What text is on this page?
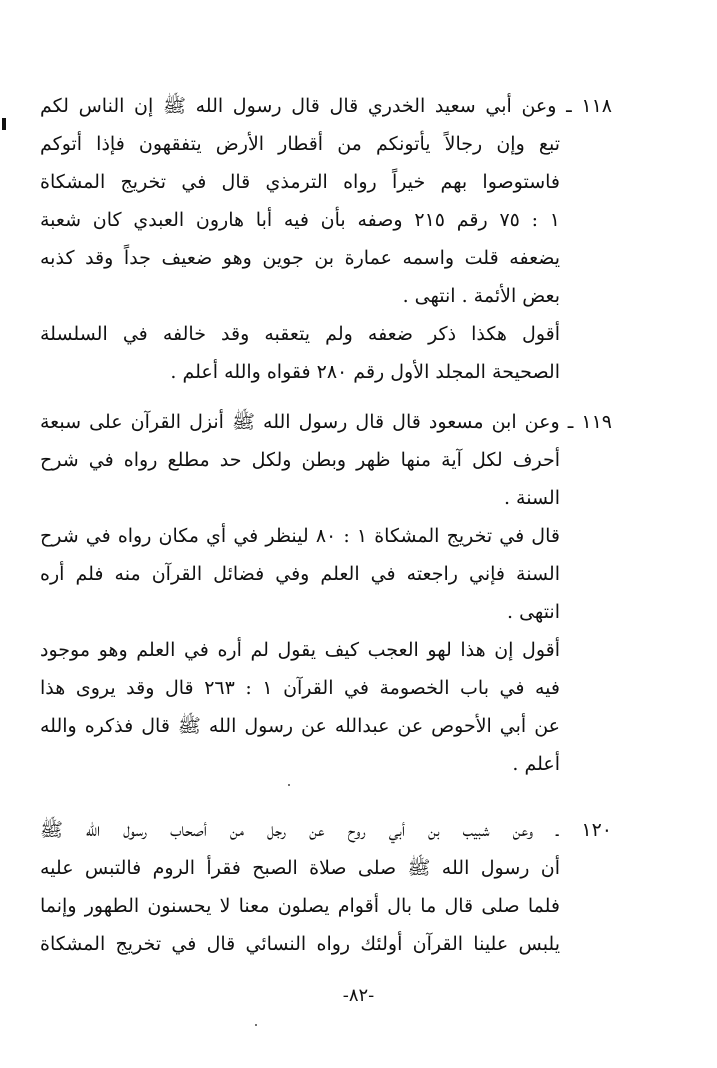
١١٨ ـ وعن أبي سعيد الخدري قال قال رسول الله ﷺ إن الناس لكم
تبع وإن رجالاً يأتونكم من أقطار الأرض يتفقهون فإذا أتوكم
فاستوصوا بهم خيراً رواه الترمذي قال في تخريج المشكاة
١ : ٧٥ رقم ٢١٥ وصفه بأن فيه أبا هارون العبدي كان شعبة
يضعفه قلت واسمه عمارة بن جوين وهو ضعيف جداً وقد كذبه
بعض الأئمة . انتهى .
أقول هكذا ذكر ضعفه ولم يتعقبه وقد خالفه في السلسلة
الصحيحة المجلد الأول رقم ٢٨٠ فقواه والله أعلم .
١١٩ ـ وعن ابن مسعود قال قال رسول الله ﷺ أنزل القرآن على سبعة
أحرف لكل آية منها ظهر وبطن ولكل حد مطلع رواه في شرح
السنة .
قال في تخريج المشكاة ١ : ٨٠ لينظر في أي مكان رواه في شرح
السنة فإني راجعته في العلم وفي فضائل القرآن منه فلم أره
انتهى .
أقول إن هذا لهو العجب كيف يقول لم أره في العلم وهو موجود
فيه في باب الخصومة في القرآن ١ : ٢٦٣ قال وقد يروى هذا
عن أبي الأحوص عن عبدالله عن رسول الله ﷺ قال فذكره والله
أعلم .
١٢٠ ـ وعن شبيب بن أبي روح عن رجل من أصحاب رسول الله ﷺ
أن رسول الله ﷺ صلى صلاة الصبح فقرأ الروم فالتبس عليه
فلما صلى قال ما بال أقوام يصلون معنا لا يحسنون الطهور وإنما
يلبس علينا القرآن أولئك رواه النسائي قال في تخريج المشكاة
-٨٢-
